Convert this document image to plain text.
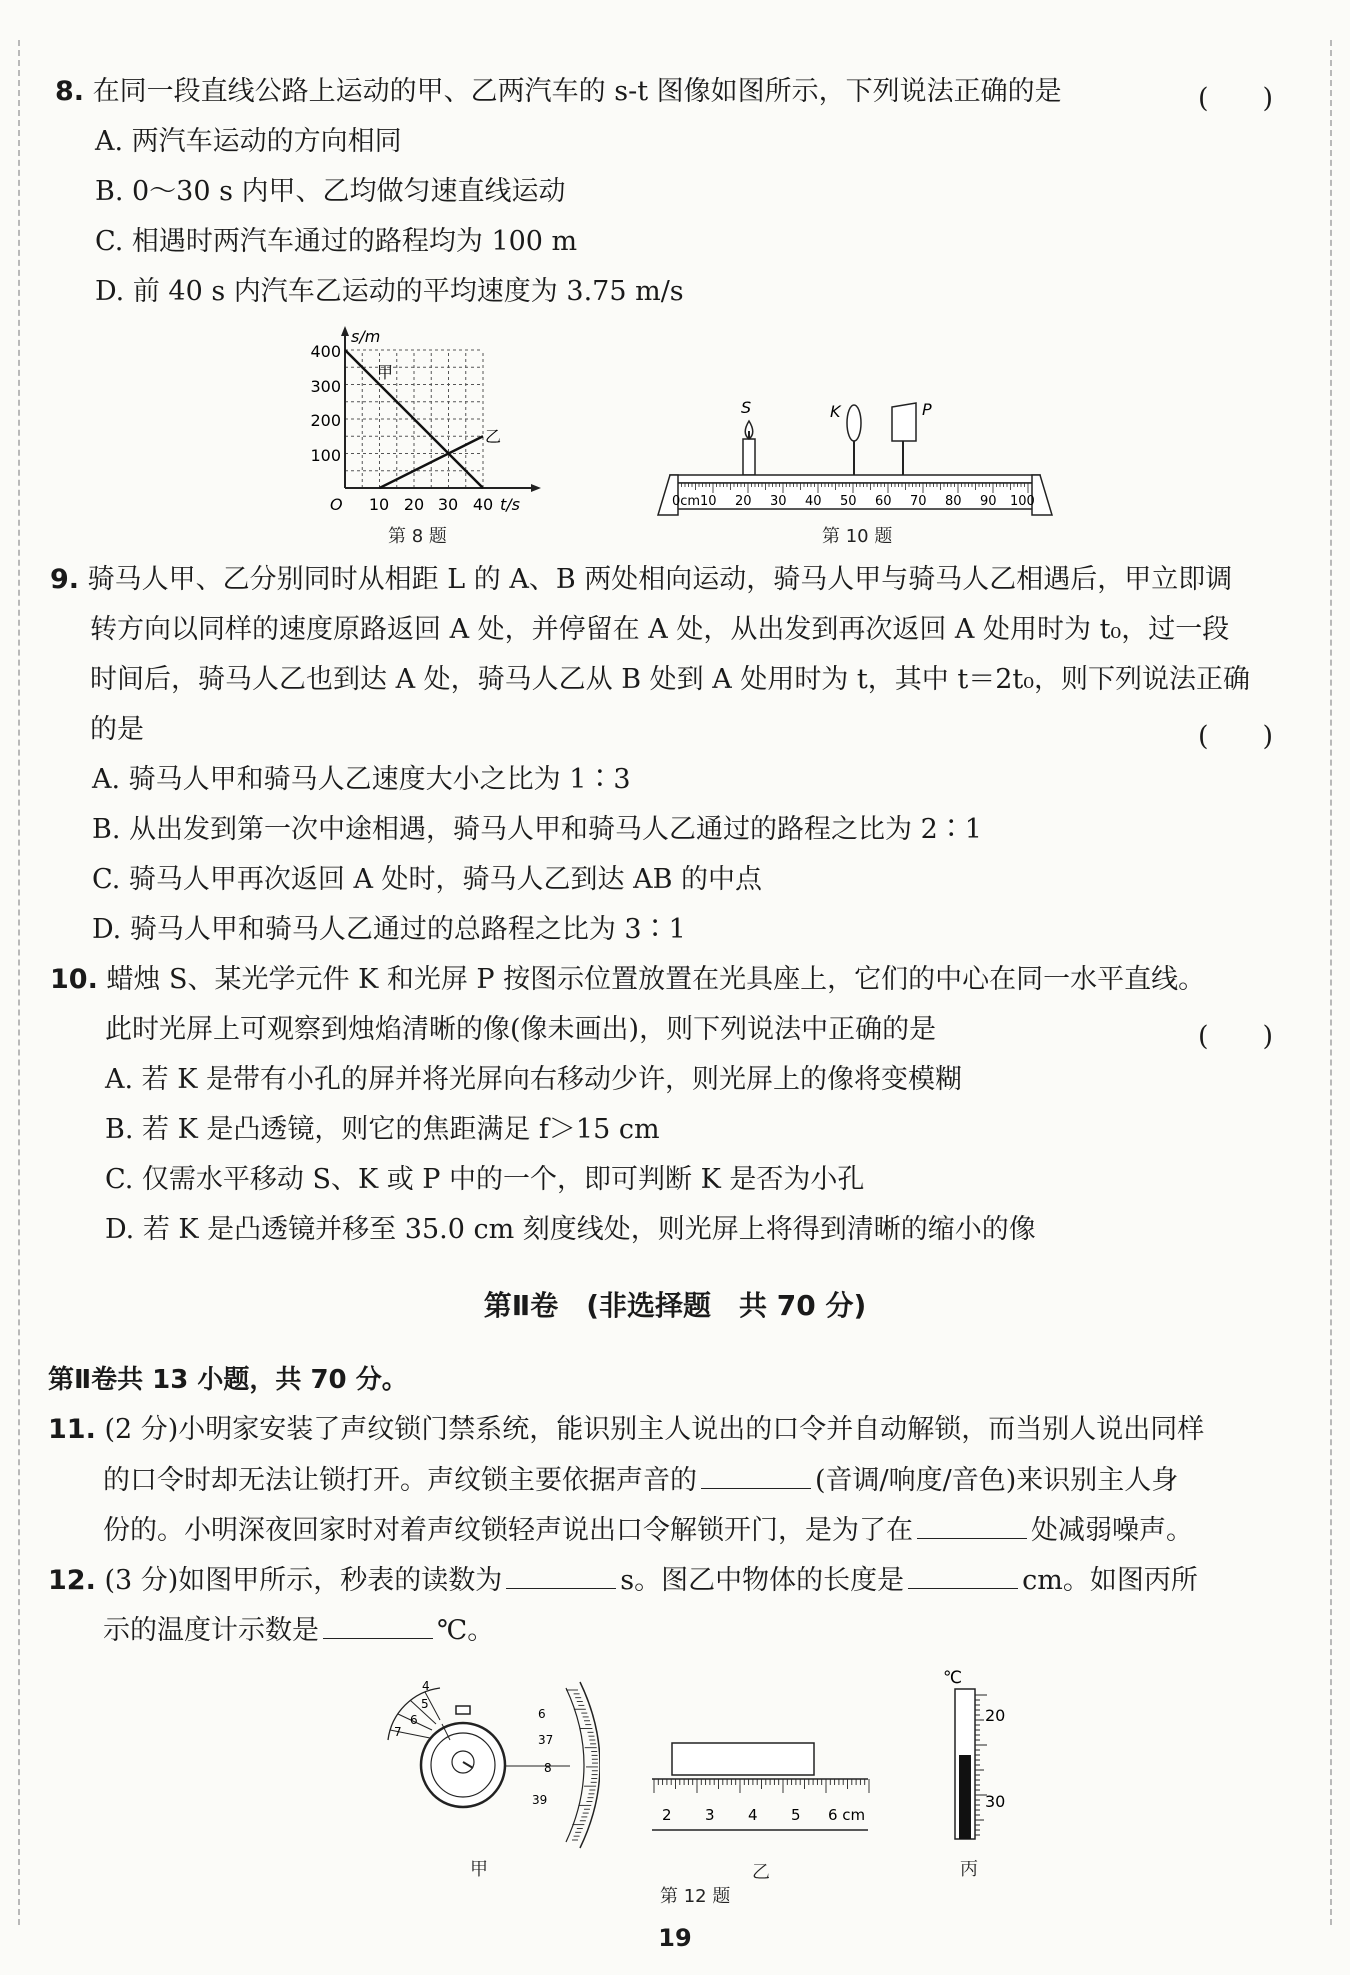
8. 在同一段直线公路上运动的甲、乙两汽车的 s-t 图像如图所示，下列说法正确的是	(　　)
A. 两汽车运动的方向相同
B. 0～30 s 内甲、乙均做匀速直线运动
C. 相遇时两汽车通过的路程均为 100 m
D. 前 40 s 内汽车乙运动的平均速度为 3.75 m/s
s/m
t/s
O
400
300
200
100
10 20 30 40
甲
乙
第 8 题
S	K	P
0cm 10 20 30 40 50 60 70 80 90 100
第 10 题
9. 骑马人甲、乙分别同时从相距 L 的 A、B 两处相向运动，骑马人甲与骑马人乙相遇后，甲立即调
转方向以同样的速度原路返回 A 处，并停留在 A 处，从出发到再次返回 A 处用时为 t₀，过一段
时间后，骑马人乙也到达 A 处，骑马人乙从 B 处到 A 处用时为 t，其中 t＝2t₀，则下列说法正确
的是	(　　)
A. 骑马人甲和骑马人乙速度大小之比为 1∶3
B. 从出发到第一次中途相遇，骑马人甲和骑马人乙通过的路程之比为 2∶1
C. 骑马人甲再次返回 A 处时，骑马人乙到达 AB 的中点
D. 骑马人甲和骑马人乙通过的总路程之比为 3∶1
10. 蜡烛 S、某光学元件 K 和光屏 P 按图示位置放置在光具座上，它们的中心在同一水平直线。
此时光屏上可观察到烛焰清晰的像(像未画出)，则下列说法中正确的是	(　　)
A. 若 K 是带有小孔的屏并将光屏向右移动少许，则光屏上的像将变模糊
B. 若 K 是凸透镜，则它的焦距满足 f＞15 cm
C. 仅需水平移动 S、K 或 P 中的一个，即可判断 K 是否为小孔
D. 若 K 是凸透镜并移至 35.0 cm 刻度线处，则光屏上将得到清晰的缩小的像
第Ⅱ卷　(非选择题　共 70 分)
第Ⅱ卷共 13 小题，共 70 分。
11. (2 分)小明家安装了声纹锁门禁系统，能识别主人说出的口令并自动解锁，而当别人说出同样
的口令时却无法让锁打开。声纹锁主要依据声音的	(音调/响度/音色)来识别主人身
份的。小明深夜回家时对着声纹锁轻声说出口令解锁开门，是为了在	处减弱噪声。
12. (3 分)如图甲所示，秒表的读数为	s。图乙中物体的长度是	cm。如图丙所
示的温度计示数是	℃。
4
5
6
7
6
37
8
39
甲
2 3 4 5 6 cm
乙
℃
20
30
丙
第 12 题
19
